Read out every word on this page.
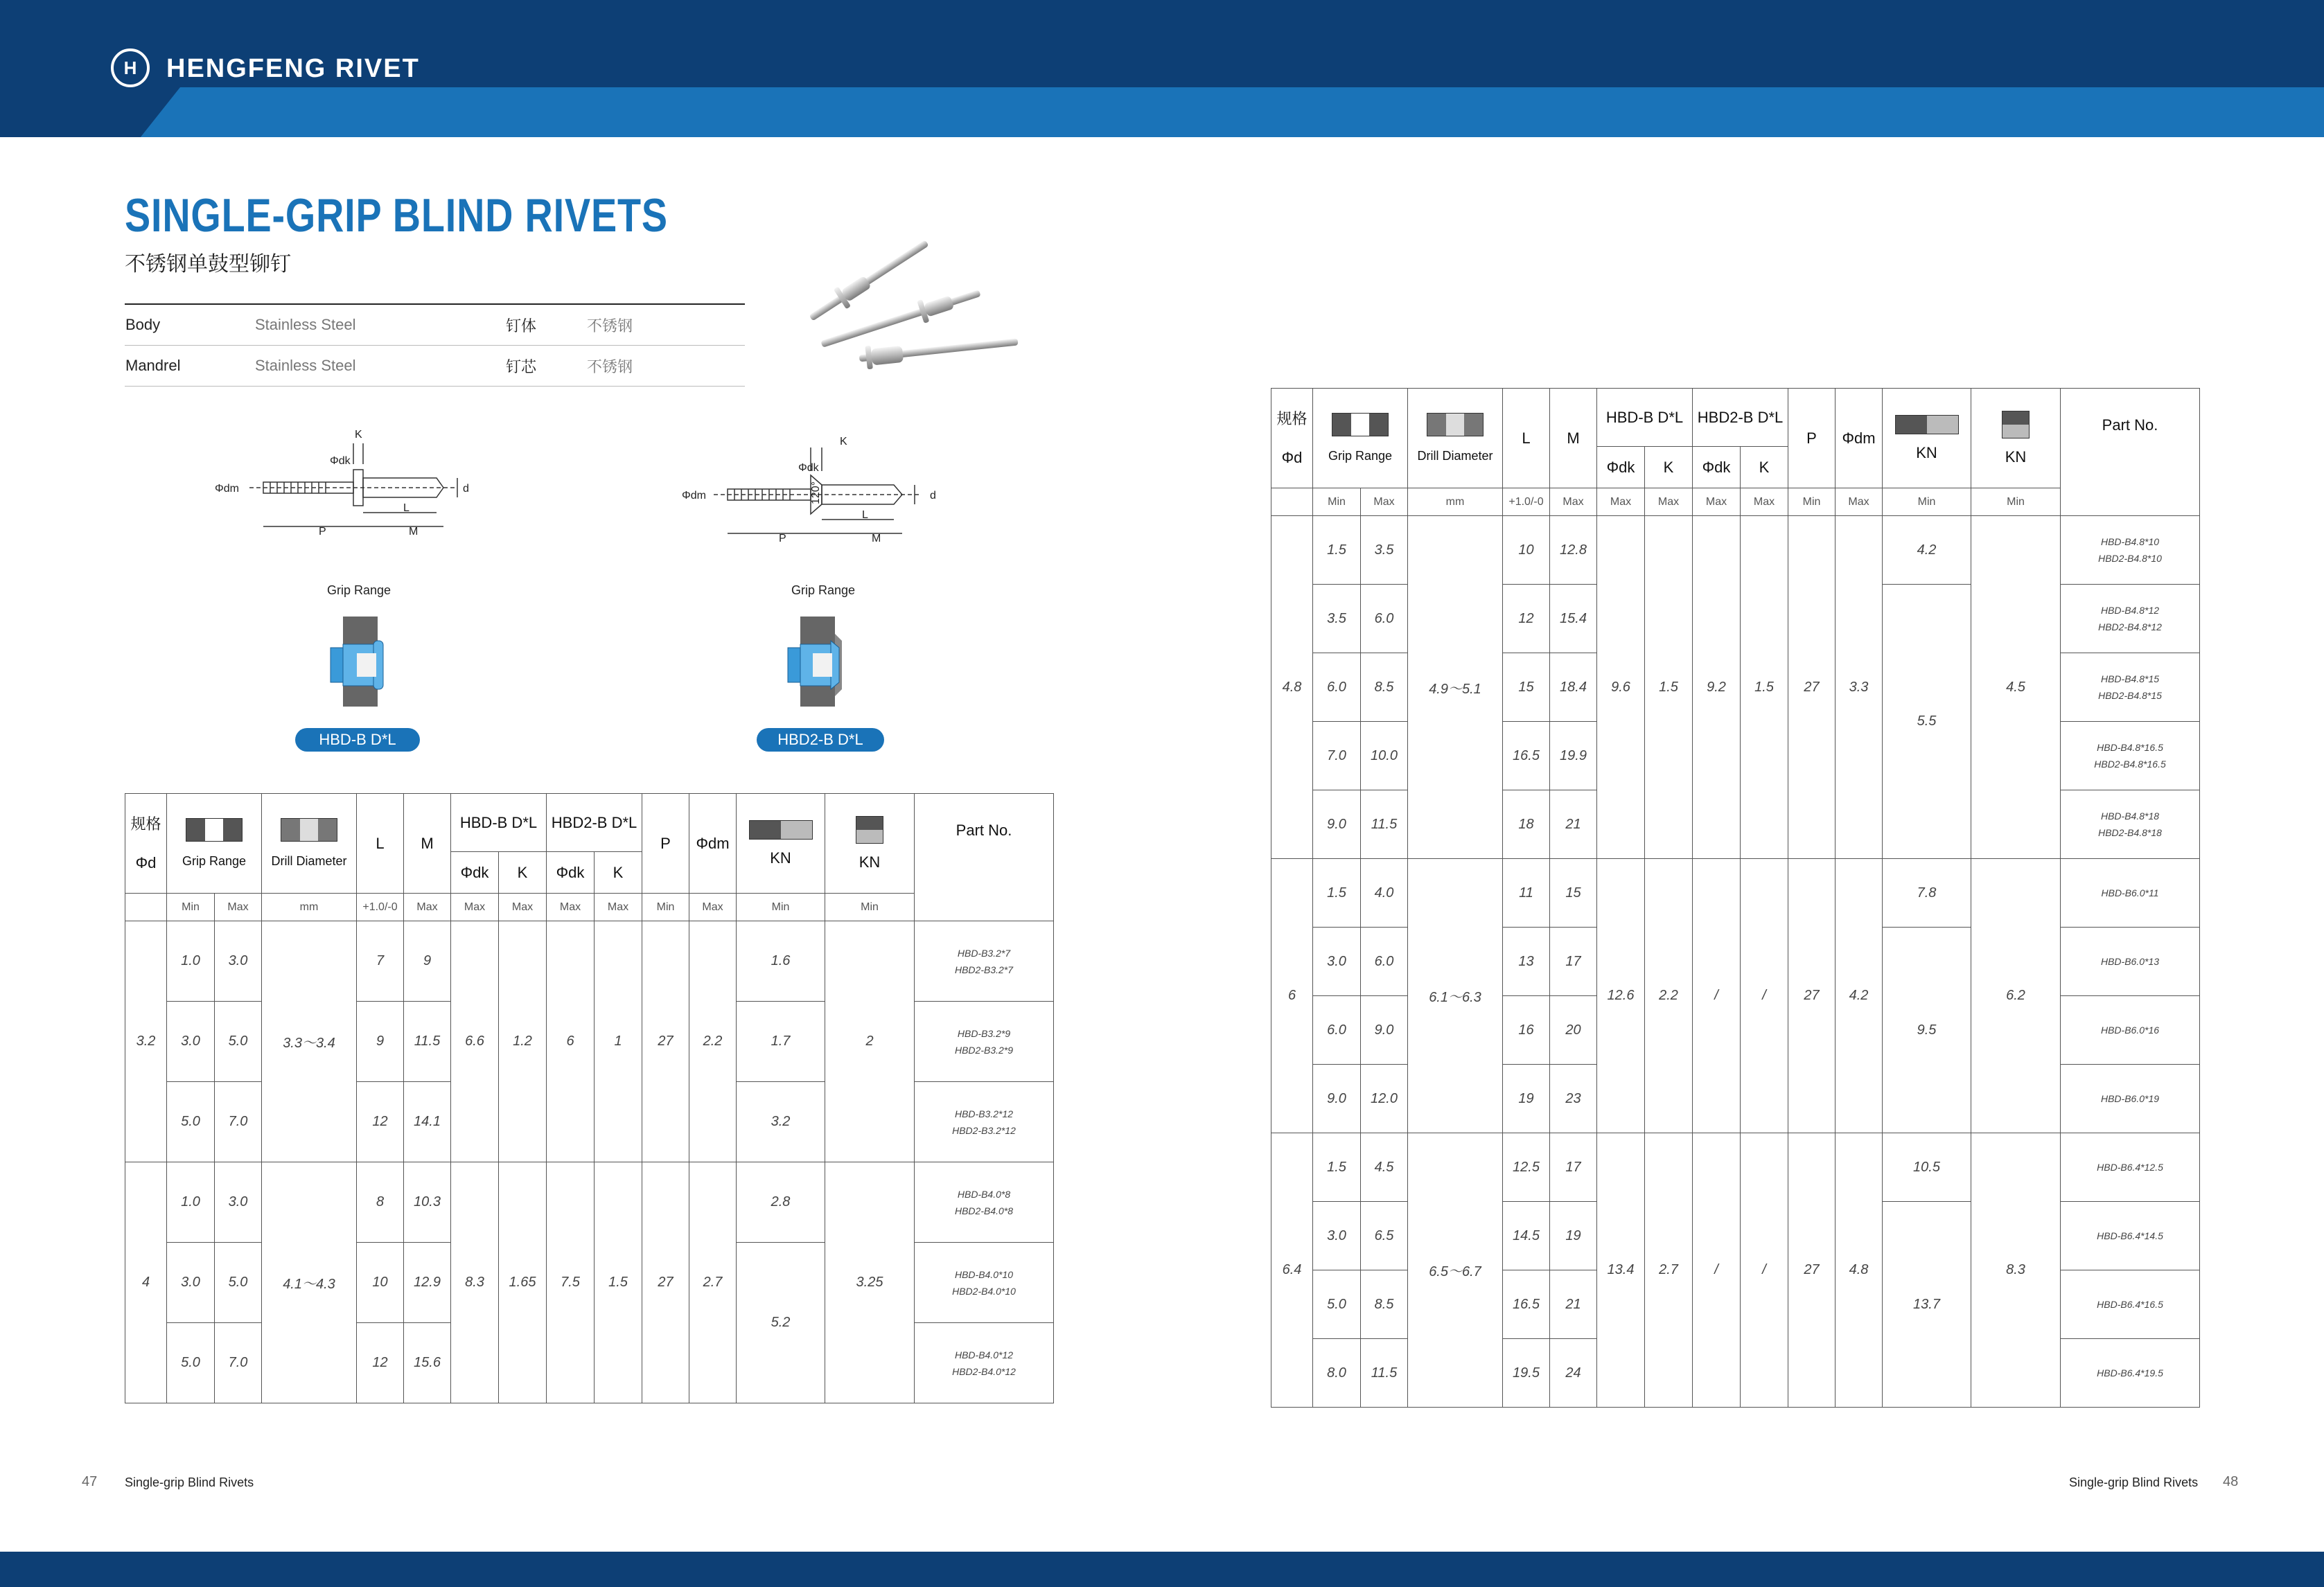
H HENGFENG RIVET
SINGLE-GRIP BLIND RIVETS
不锈钢单鼓型铆钉
Body	Stainless Steel	钉体	不锈钢
Mandrel	Stainless Steel	钉芯	不锈钢
K
Φdk
Φdm	d
L
P	M
K
Φdk
120°
Φdm	d
L
P	M
Grip Range
HBD-B D*L
Grip Range
HBD2-B D*L
规格
Φd	Grip Range		Drill Diameter	L	M	HBD-B D*L		HBD2-B D*L		P	Φdm	KN	KN	Part No.
						Φdk	K	Φdk	K					
	Min	Max	mm	+1.0/-0	Max	Max	Max	Max	Max	Min	Max	Min	Min	
3.2	1.0	3.0	3.3～3.4	7	9	6.6	1.2	6	1	27	2.2	1.6	2	HBD-B3.2*7
HBD2-B3.2*7
	3.0	5.0		9	11.5							1.7		HBD-B3.2*9
HBD2-B3.2*9
	5.0	7.0		12	14.1							3.2		HBD-B3.2*12
HBD2-B3.2*12
4	1.0	3.0	4.1～4.3	8	10.3	8.3	1.65	7.5	1.5	27	2.7	2.8	3.25	HBD-B4.0*8
HBD2-B4.0*8
	3.0	5.0		10	12.9							5.2		HBD-B4.0*10
HBD2-B4.0*10
	5.0	7.0		12	15.6									HBD-B4.0*12
HBD2-B4.0*12
规格
Φd	Grip Range		Drill Diameter	L	M	HBD-B D*L		HBD2-B D*L		P	Φdm	KN	KN	Part No.
						Φdk	K	Φdk	K					
	Min	Max	mm	+1.0/-0	Max	Max	Max	Max	Max	Min	Max	Min	Min	
4.8	1.5	3.5	4.9～5.1	10	12.8	9.6	1.5	9.2	1.5	27	3.3	4.2	4.5	HBD-B4.8*10
HBD2-B4.8*10
	3.5	6.0		12	15.4							5.5		HBD-B4.8*12
HBD2-B4.8*12
	6.0	8.5		15	18.4									HBD-B4.8*15
HBD2-B4.8*15
	7.0	10.0		16.5	19.9									HBD-B4.8*16.5
HBD2-B4.8*16.5
	9.0	11.5		18	21									HBD-B4.8*18
HBD2-B4.8*18
6	1.5	4.0	6.1～6.3	11	15	12.6	2.2	/	/	27	4.2	7.8	6.2	HBD-B6.0*11
	3.0	6.0		13	17							9.5		HBD-B6.0*13
	6.0	9.0		16	20									HBD-B6.0*16
	9.0	12.0		19	23									HBD-B6.0*19
6.4	1.5	4.5	6.5～6.7	12.5	17	13.4	2.7	/	/	27	4.8	10.5	8.3	HBD-B6.4*12.5
	3.0	6.5		14.5	19							13.7		HBD-B6.4*14.5
	5.0	8.5		16.5	21									HBD-B6.4*16.5
	8.0	11.5		19.5	24									HBD-B6.4*19.5
47 Single-grip Blind Rivets	Single-grip Blind Rivets 48
